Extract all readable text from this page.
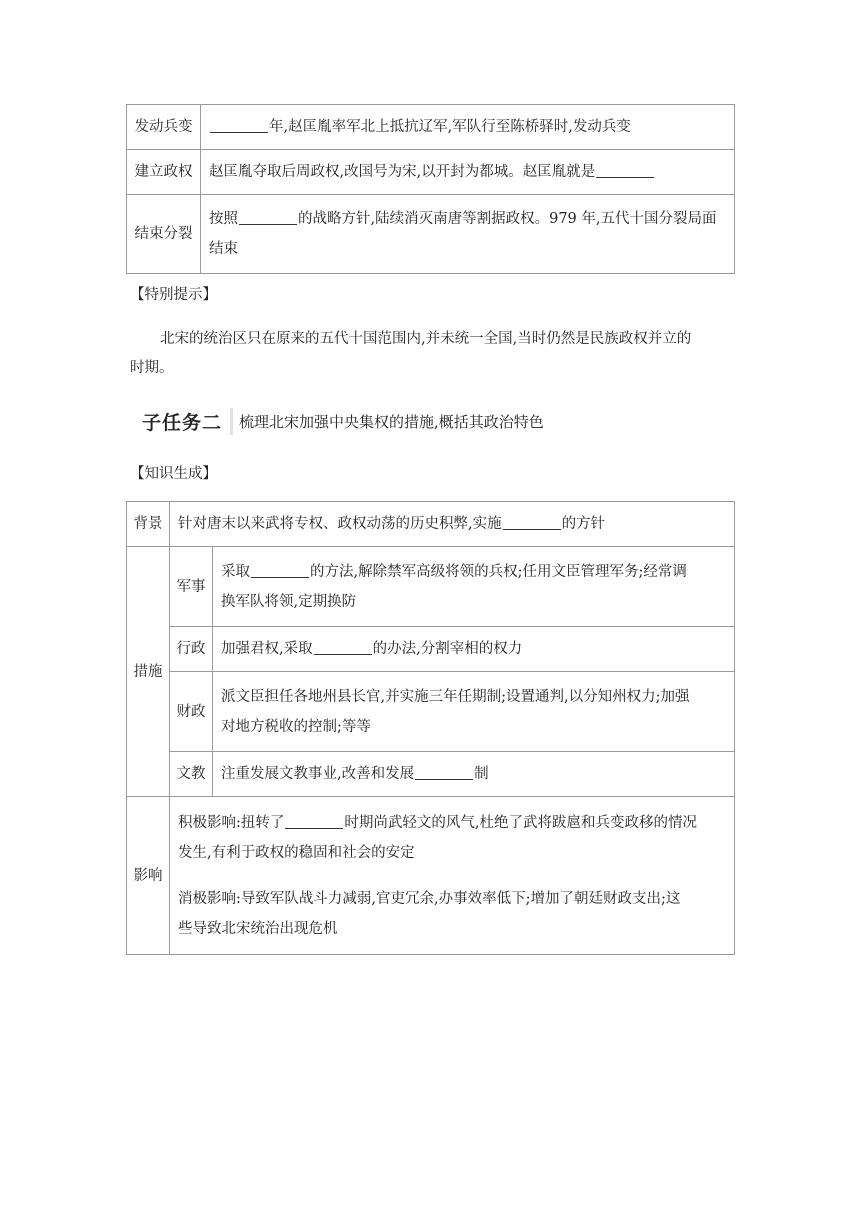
发动兵变	年,赵匡胤率军北上抵抗辽军,军队行至陈桥驿时,发动兵变
建立政权	赵匡胤夺取后周政权,改国号为宋,以开封为都城。赵匡胤就是
结束分裂	按照 的战略方针,陆续消灭南唐等割据政权。979 年,五代十国分裂局面
结束
【特别提示】
北宋的统治区只在原来的五代十国范围内,并未统一全国,当时仍然是民族政权并立的
时期。
子任务二	梳理北宋加强中央集权的措施,概括其政治特色
【知识生成】
背景	针对唐末以来武将专权、政权动荡的历史积弊,实施 的方针	
措施	军事	采取 的方法,解除禁军高级将领的兵权;任用文臣管理军务;经常调
换军队将领,定期换防

	行政	加强君权,采取 的办法,分割宰相的权力
	财政	派文臣担任各地州县长官,并实施三年任期制;设置通判,以分知州权力;加强
对地方税收的控制;等等

	文教	注重发展文教事业,改善和发展 制
影响	积极影响:扭转了 时期尚武轻文的风气,杜绝了武将跋扈和兵变政移的情况
发生,有利于政权的稳固和社会的安定
消极影响:导致军队战斗力减弱,官吏冗余,办事效率低下;增加了朝廷财政支出;这
些导致北宋统治出现危机	
